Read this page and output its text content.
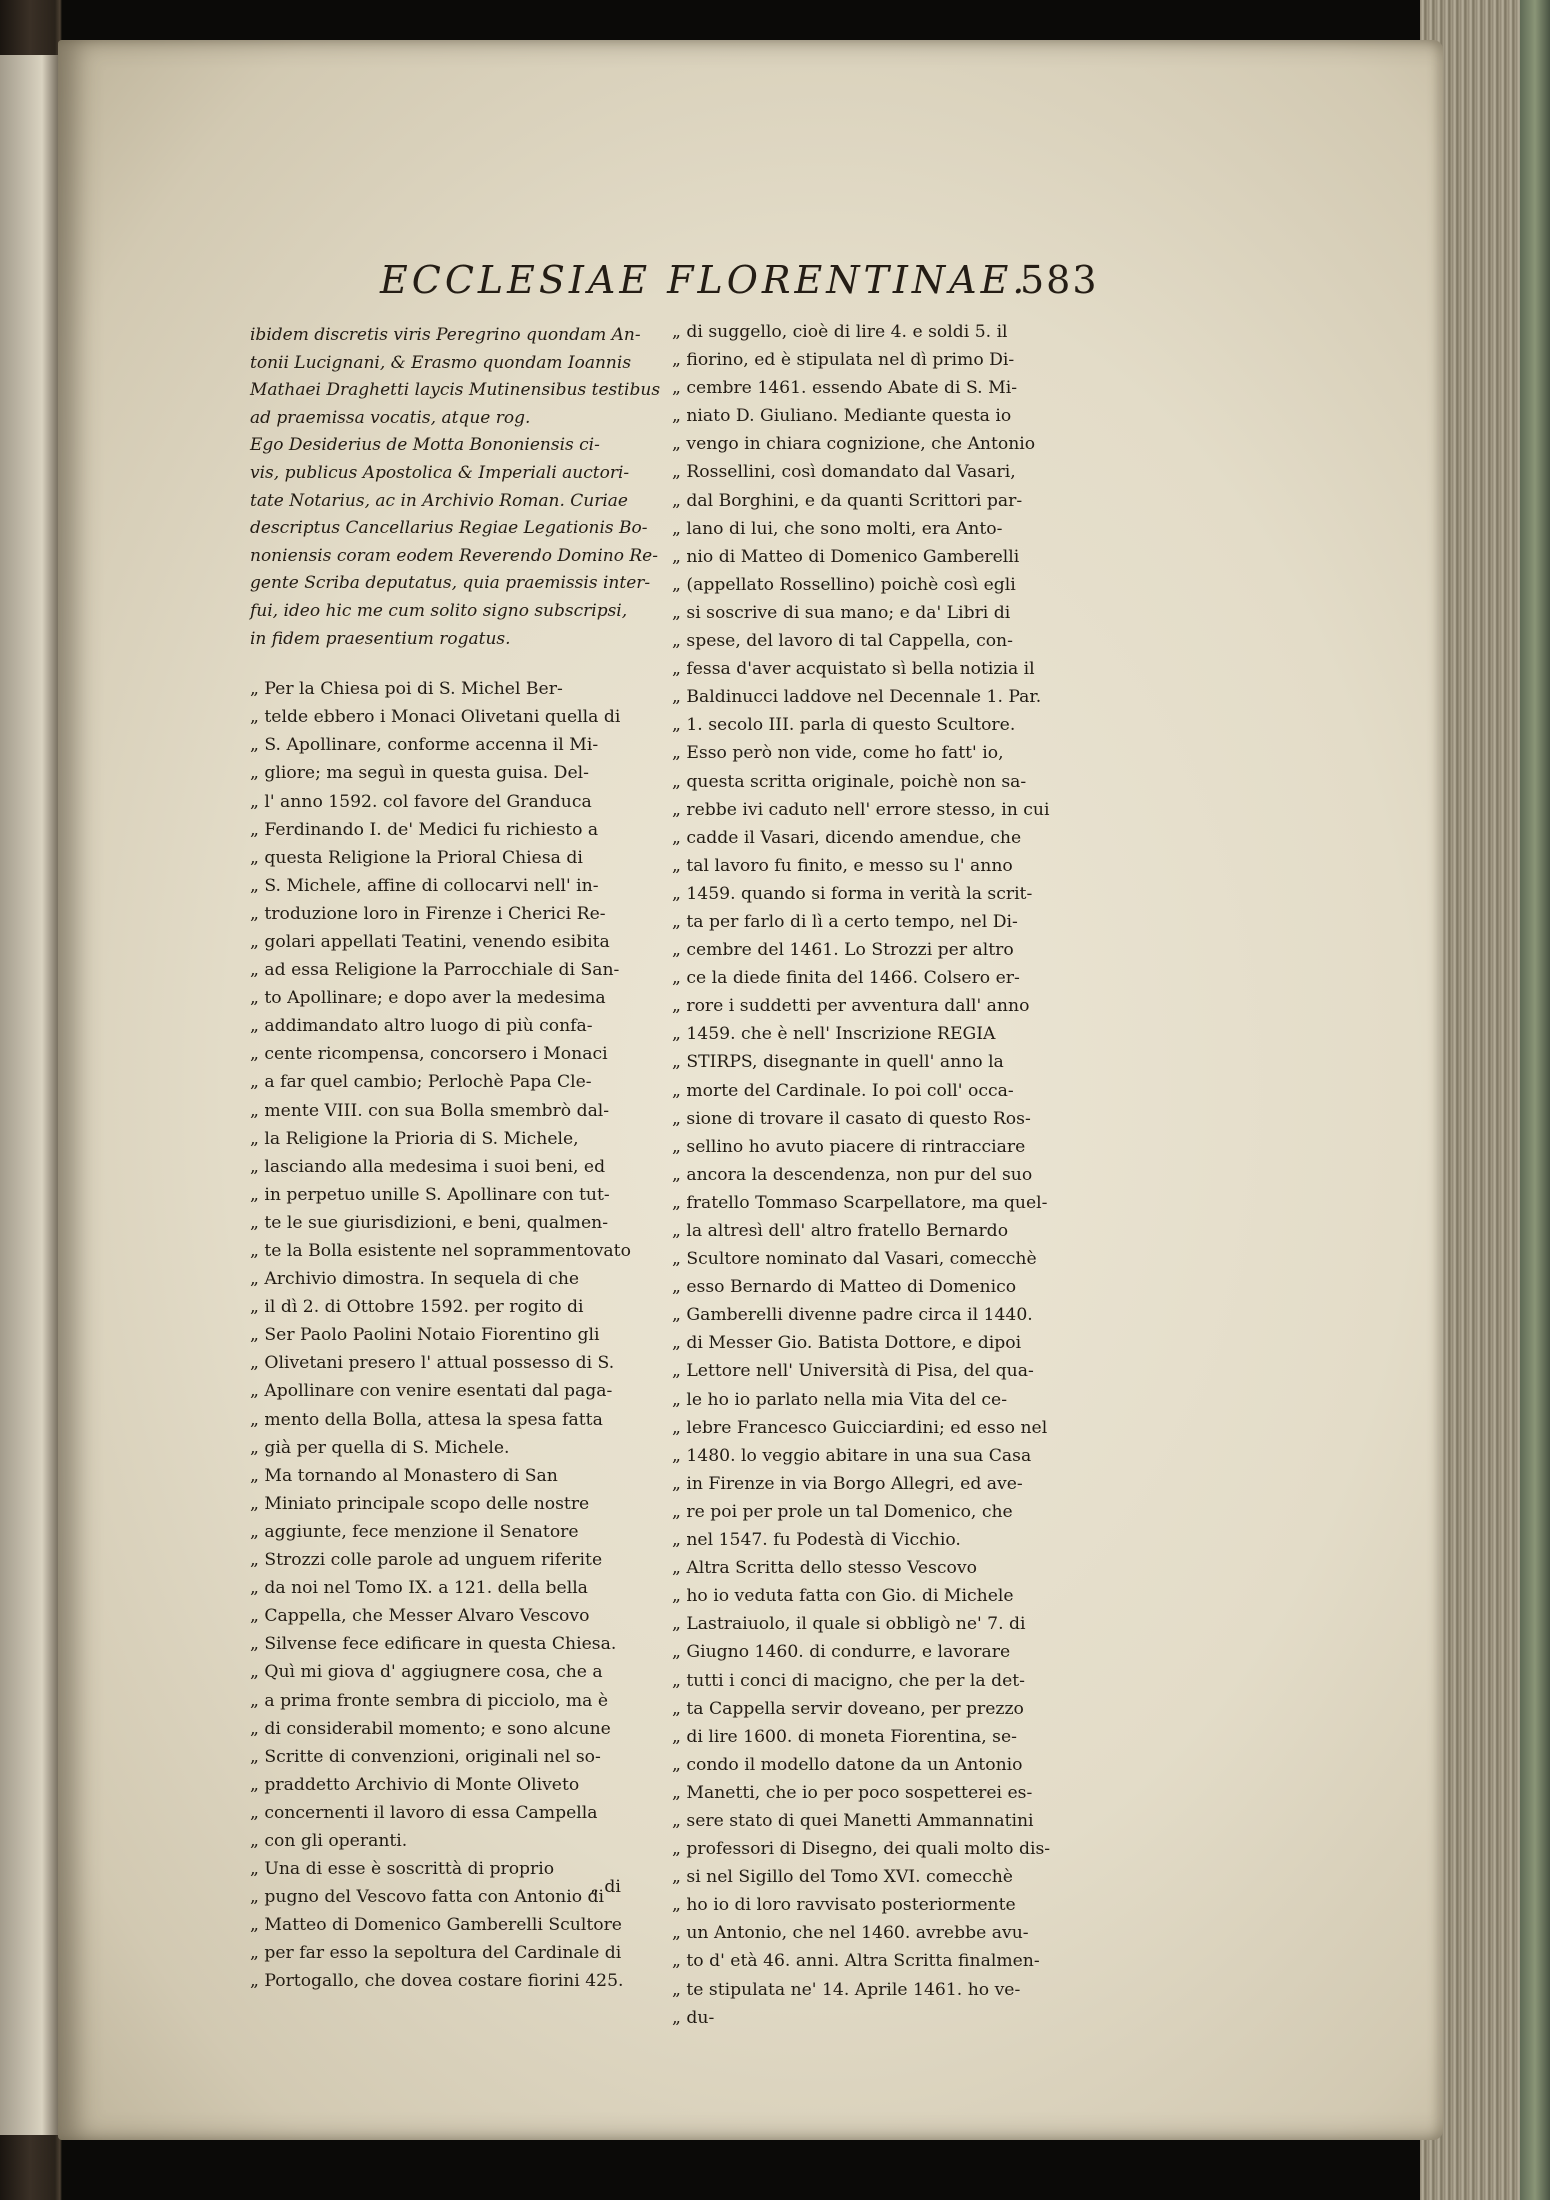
ECCLESIAE FLORENTINAE.
583
ibidem discretis viris Peregrino quondam An-
tonii Lucignani, & Erasmo quondam Ioannis
Mathaei Draghetti laycis Mutinensibus testibus
ad praemissa vocatis, atque rog.
Ego Desiderius de Motta Bononiensis ci-
vis, publicus Apostolica & Imperiali auctori-
tate Notarius, ac in Archivio Roman. Curiae
descriptus Cancellarius Regiae Legationis Bo-
noniensis coram eodem Reverendo Domino Re-
gente Scriba deputatus, quia praemissis inter-
fui, ideo hic me cum solito signo subscripsi,
in fidem praesentium rogatus.
„ Per la Chiesa poi di S. Michel Ber-
„ telde ebbero i Monaci Olivetani quella di
„ S. Apollinare, conforme accenna il Mi-
„ gliore; ma seguì in questa guisa. Del-
„ l' anno 1592. col favore del Granduca
„ Ferdinando I. de' Medici fu richiesto a
„ questa Religione la Prioral Chiesa di
„ S. Michele, affine di collocarvi nell' in-
„ troduzione loro in Firenze i Cherici Re-
„ golari appellati Teatini, venendo esibita
„ ad essa Religione la Parrocchiale di San-
„ to Apollinare; e dopo aver la medesima
„ addimandato altro luogo di più confa-
„ cente ricompensa, concorsero i Monaci
„ a far quel cambio; Perlochè Papa Cle-
„ mente VIII. con sua Bolla smembrò dal-
„ la Religione la Prioria di S. Michele,
„ lasciando alla medesima i suoi beni, ed
„ in perpetuo unille S. Apollinare con tut-
„ te le sue giurisdizioni, e beni, qualmen-
„ te la Bolla esistente nel soprammentovato
„ Archivio dimostra. In sequela di che
„ il dì 2. di Ottobre 1592. per rogito di
„ Ser Paolo Paolini Notaio Fiorentino gli
„ Olivetani presero l' attual possesso di S.
„ Apollinare con venire esentati dal paga-
„ mento della Bolla, attesa la spesa fatta
„ già per quella di S. Michele.
„ Ma tornando al Monastero di San
„ Miniato principale scopo delle nostre
„ aggiunte, fece menzione il Senatore
„ Strozzi colle parole ad unguem riferite
„ da noi nel Tomo IX. a 121. della bella
„ Cappella, che Messer Alvaro Vescovo
„ Silvense fece edificare in questa Chiesa.
„ Quì mi giova d' aggiugnere cosa, che a
„ a prima fronte sembra di picciolo, ma è
„ di considerabil momento; e sono alcune
„ Scritte di convenzioni, originali nel so-
„ praddetto Archivio di Monte Oliveto
„ concernenti il lavoro di essa Campella
„ con gli operanti.
„ Una di esse è soscrittà di proprio
„ pugno del Vescovo fatta con Antonio di
„ Matteo di Domenico Gamberelli Scultore
„ per far esso la sepoltura del Cardinale di
„ Portogallo, che dovea costare fiorini 425.
„ di
„ di suggello, cioè di lire 4. e soldi 5. il
„ fiorino, ed è stipulata nel dì primo Di-
„ cembre 1461. essendo Abate di S. Mi-
„ niato D. Giuliano. Mediante questa io
„ vengo in chiara cognizione, che Antonio
„ Rossellini, così domandato dal Vasari,
„ dal Borghini, e da quanti Scrittori par-
„ lano di lui, che sono molti, era Anto-
„ nio di Matteo di Domenico Gamberelli
„ (appellato Rossellino) poichè così egli
„ si soscrive di sua mano; e da' Libri di
„ spese, del lavoro di tal Cappella, con-
„ fessa d'aver acquistato sì bella notizia il
„ Baldinucci laddove nel Decennale 1. Par.
„ 1. secolo III. parla di questo Scultore.
„ Esso però non vide, come ho fatt' io,
„ questa scritta originale, poichè non sa-
„ rebbe ivi caduto nell' errore stesso, in cui
„ cadde il Vasari, dicendo amendue, che
„ tal lavoro fu finito, e messo su l' anno
„ 1459. quando si forma in verità la scrit-
„ ta per farlo di lì a certo tempo, nel Di-
„ cembre del 1461. Lo Strozzi per altro
„ ce la diede finita del 1466. Colsero er-
„ rore i suddetti per avventura dall' anno
„ 1459. che è nell' Inscrizione REGIA
„ STIRPS, disegnante in quell' anno la
„ morte del Cardinale. Io poi coll' occa-
„ sione di trovare il casato di questo Ros-
„ sellino ho avuto piacere di rintracciare
„ ancora la descendenza, non pur del suo
„ fratello Tommaso Scarpellatore, ma quel-
„ la altresì dell' altro fratello Bernardo
„ Scultore nominato dal Vasari, comecchè
„ esso Bernardo di Matteo di Domenico
„ Gamberelli divenne padre circa il 1440.
„ di Messer Gio. Batista Dottore, e dipoi
„ Lettore nell' Università di Pisa, del qua-
„ le ho io parlato nella mia Vita del ce-
„ lebre Francesco Guicciardini; ed esso nel
„ 1480. lo veggio abitare in una sua Casa
„ in Firenze in via Borgo Allegri, ed ave-
„ re poi per prole un tal Domenico, che
„ nel 1547. fu Podestà di Vicchio.
„ Altra Scritta dello stesso Vescovo
„ ho io veduta fatta con Gio. di Michele
„ Lastraiuolo, il quale si obbligò ne' 7. di
„ Giugno 1460. di condurre, e lavorare
„ tutti i conci di macigno, che per la det-
„ ta Cappella servir doveano, per prezzo
„ di lire 1600. di moneta Fiorentina, se-
„ condo il modello datone da un Antonio
„ Manetti, che io per poco sospetterei es-
„ sere stato di quei Manetti Ammannatini
„ professori di Disegno, dei quali molto dis-
„ si nel Sigillo del Tomo XVI. comecchè
„ ho io di loro ravvisato posteriormente
„ un Antonio, che nel 1460. avrebbe avu-
„ to d' età 46. anni. Altra Scritta finalmen-
„ te stipulata ne' 14. Aprile 1461. ho ve-
„ du-
